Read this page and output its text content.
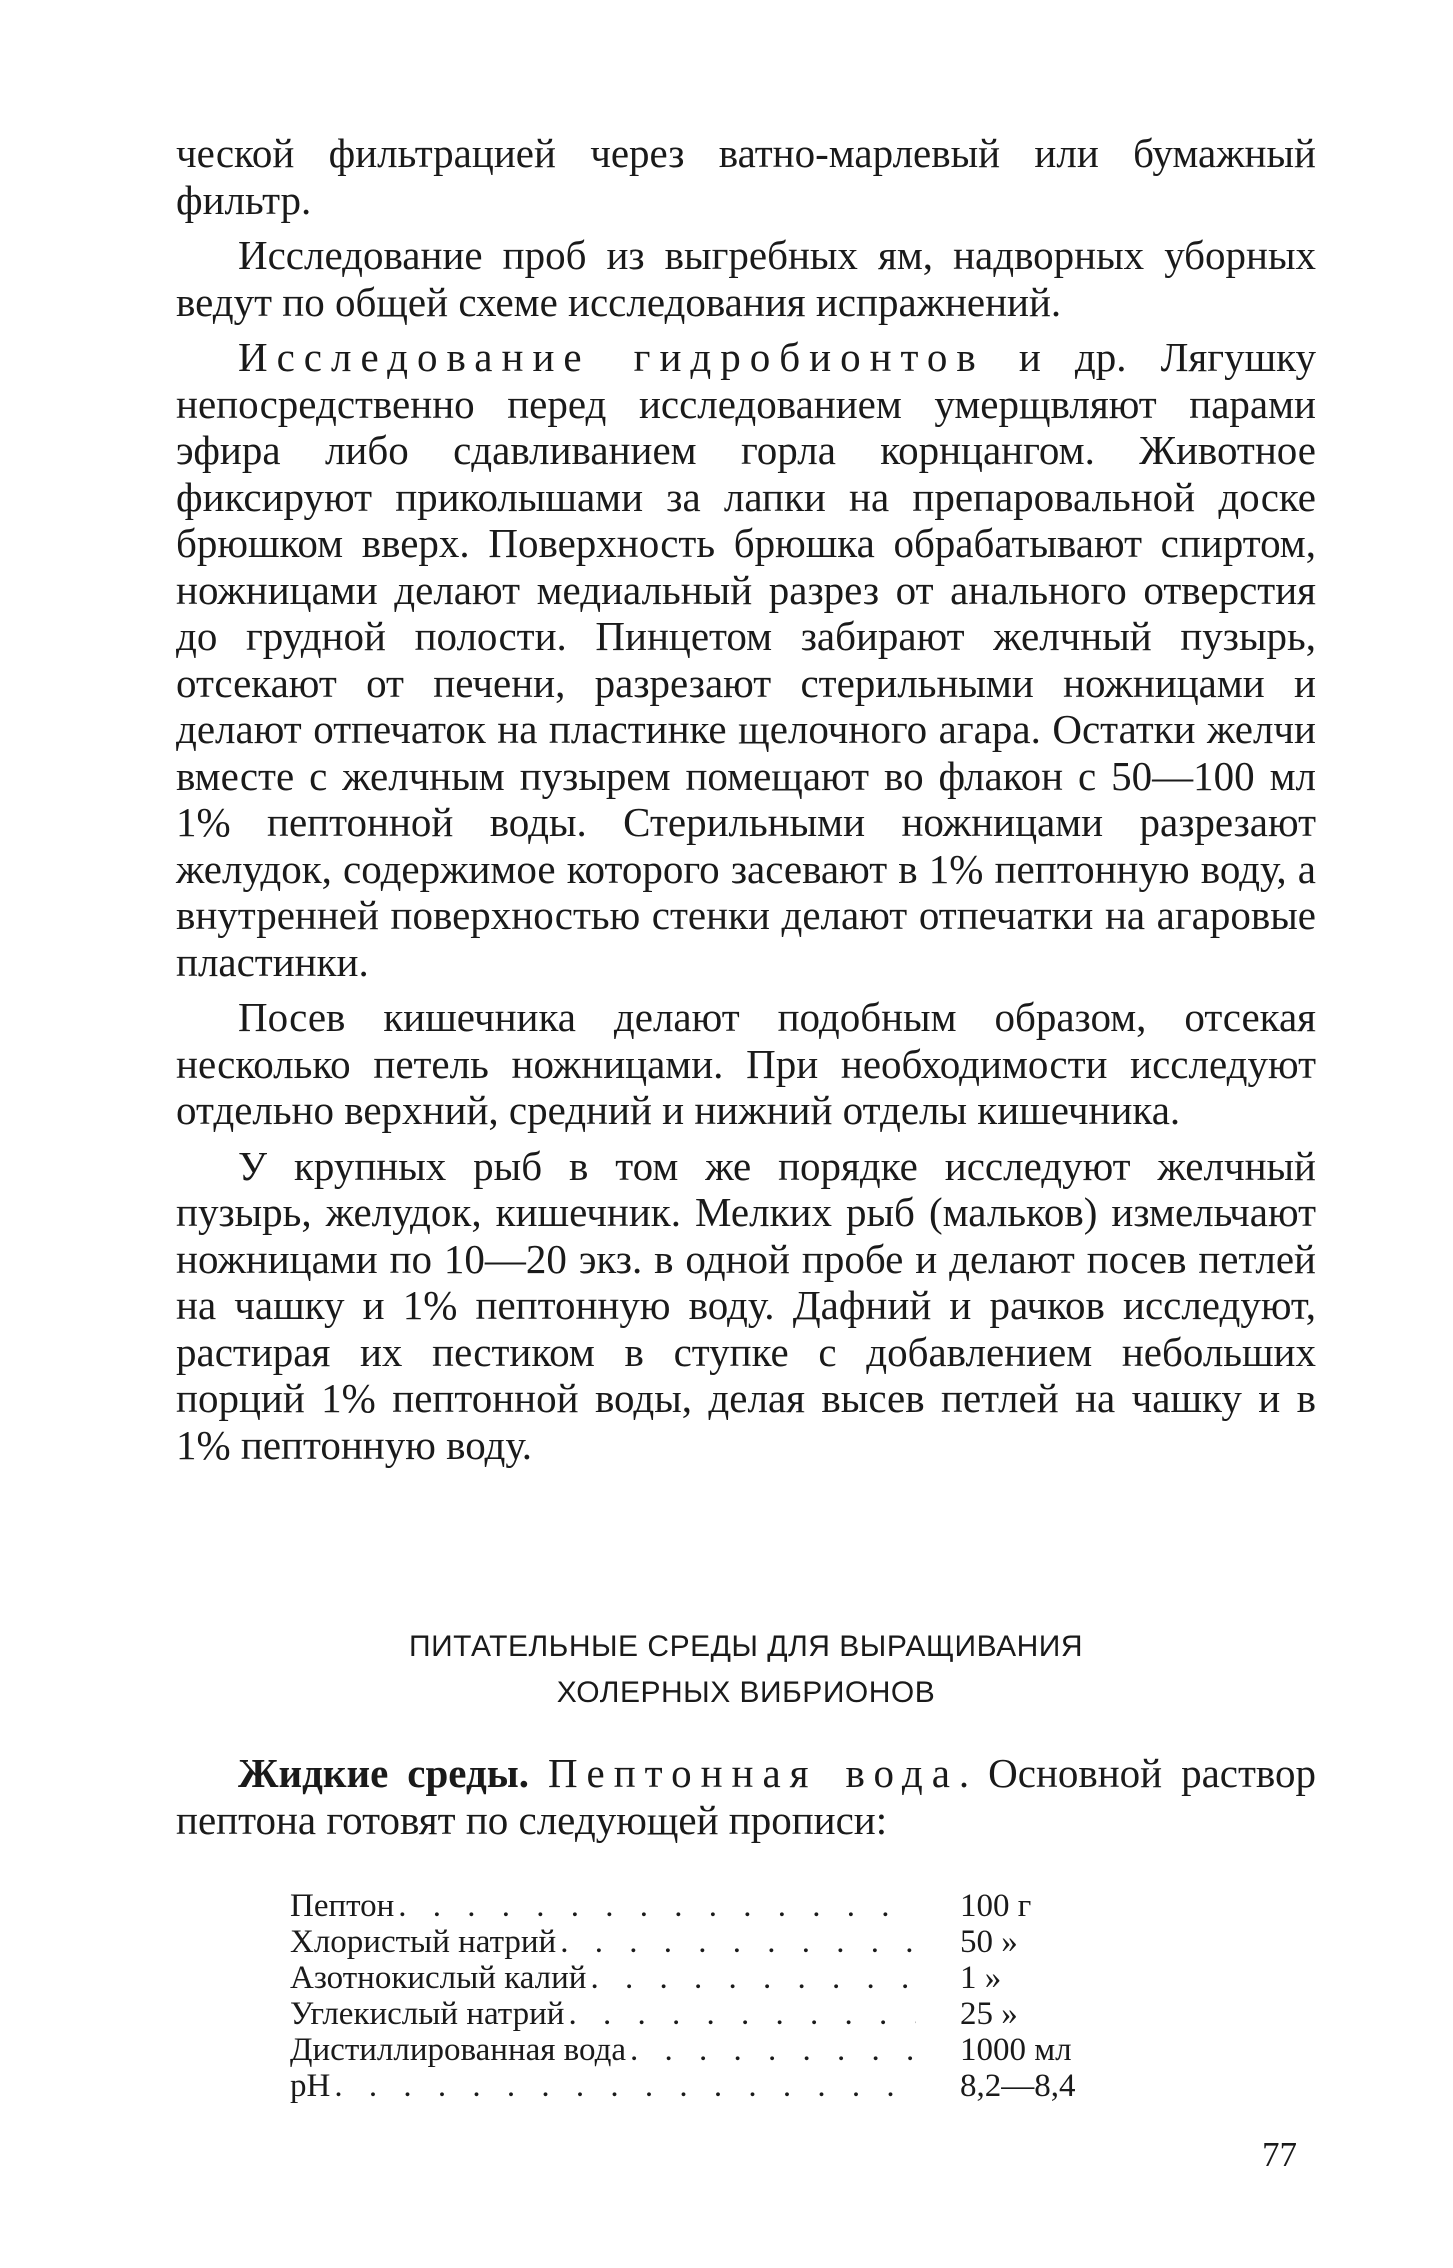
ческой фильтрацией через ватно-марлевый или бумажный фильтр.

Исследование проб из выгребных ям, надворных уборных ведут по общей схеме исследования испражнений.

Исследование гидробионтов и др. Лягушку непосредственно перед исследованием умерщвляют парами эфира либо сдавливанием горла корнцангом. Животное фиксируют приколышами за лапки на препаровальной доске брюшком вверх. Поверхность брюшка обрабатывают спиртом, ножницами делают медиальный разрез от анального отверстия до грудной полости. Пинцетом забирают желчный пузырь, отсекают от печени, разрезают стерильными ножницами и делают отпечаток на пластинке щелочного агара. Остатки желчи вместе с желчным пузырем помещают во флакон с 50—100 мл 1% пептонной воды. Стерильными ножницами разрезают желудок, содержимое которого засевают в 1% пептонную воду, а внутренней поверхностью стенки делают отпечатки на агаровые пластинки.

Посев кишечника делают подобным образом, отсекая несколько петель ножницами. При необходимости исследуют отдельно верхний, средний и нижний отделы кишечника.

У крупных рыб в том же порядке исследуют желчный пузырь, желудок, кишечник. Мелких рыб (мальков) измельчают ножницами по 10—20 экз. в одной пробе и делают посев петлей на чашку и 1% пептонную воду. Дафний и рачков исследуют, растирая их пестиком в ступке с добавлением небольших порций 1% пептонной воды, делая высев петлей на чашку и в 1% пептонную воду.

ПИТАТЕЛЬНЫЕ СРЕДЫ ДЛЯ ВЫРАЩИВАНИЯ
ХОЛЕРНЫХ ВИБРИОНОВ

Жидкие среды. Пептонная вода. Основной раствор пептона готовят по следующей прописи:

Пептон . . .	100 г
Хлористый натрий . . .	50 »
Азотнокислый калий . . .	1 »
Углекислый натрий . . .	25 »
Дистиллированная вода . . .	1000 мл
pH . . .	8,2—8,4
77
